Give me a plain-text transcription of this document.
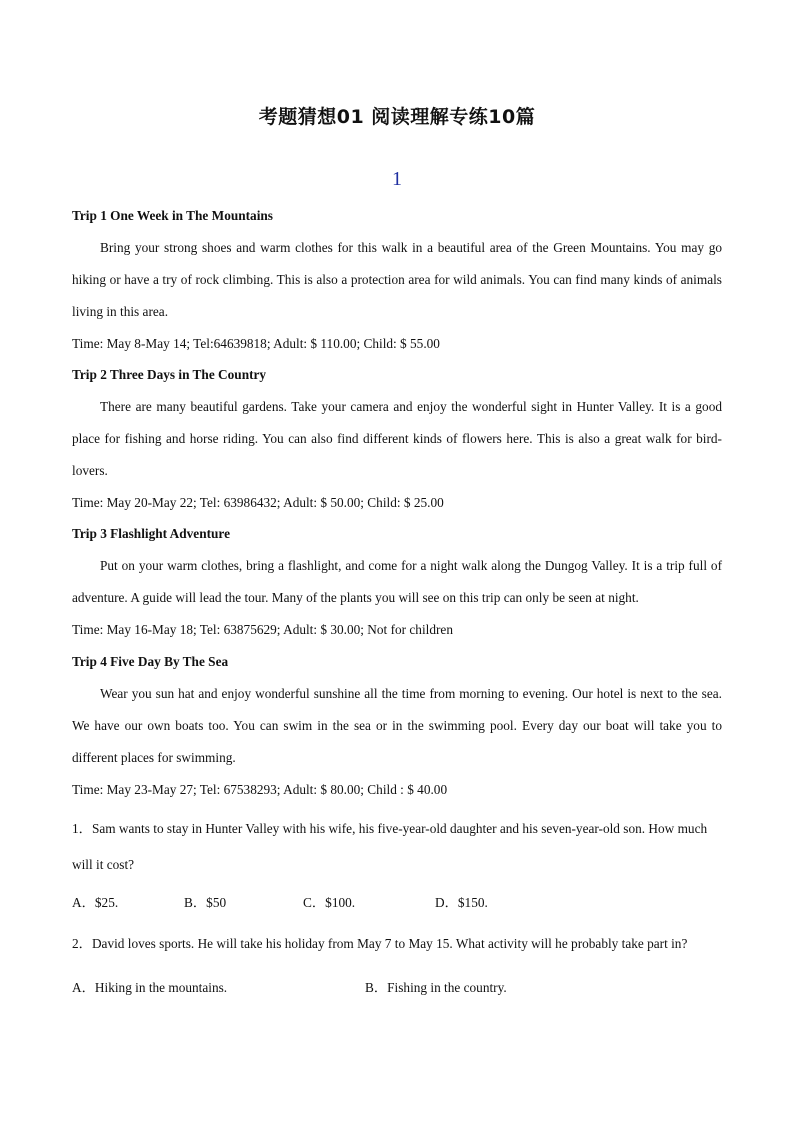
考题猜想01 阅读理解专练10篇
1
Trip 1 One Week in The Mountains
Bring your strong shoes and warm clothes for this walk in a beautiful area of the Green Mountains. You may go hiking or have a try of rock climbing. This is also a protection area for wild animals. You can find many kinds of animals living in this area.
Time: May 8-May 14; Tel:64639818; Adult: $ 110.00; Child: $ 55.00
Trip 2 Three Days in The Country
There are many beautiful gardens. Take your camera and enjoy the wonderful sight in Hunter Valley. It is a good place for fishing and horse riding. You can also find different kinds of flowers here. This is also a great walk for bird-lovers.
Time: May 20-May 22; Tel: 63986432; Adult: $ 50.00; Child: $ 25.00
Trip 3 Flashlight Adventure
Put on your warm clothes, bring a flashlight, and come for a night walk along the Dungog Valley. It is a trip full of adventure. A guide will lead the tour. Many of the plants you will see on this trip can only be seen at night.
Time: May 16-May 18; Tel: 63875629; Adult: $ 30.00; Not for children
Trip 4 Five Day By The Sea
Wear you sun hat and enjoy wonderful sunshine all the time from morning to evening. Our hotel is next to the sea. We have our own boats too. You can swim in the sea or in the swimming pool. Every day our boat will take you to different places for swimming.
Time: May 23-May 27; Tel: 67538293; Adult: $ 80.00; Child : $ 40.00
1．Sam wants to stay in Hunter Valley with his wife, his five-year-old daughter and his seven-year-old son. How much will it cost?
A．$25.	B．$50	C．$100.	D．$150.
2．David loves sports. He will take his holiday from May 7 to May 15. What activity will he probably take part in?
A．Hiking in the mountains.	B．Fishing in the country.
